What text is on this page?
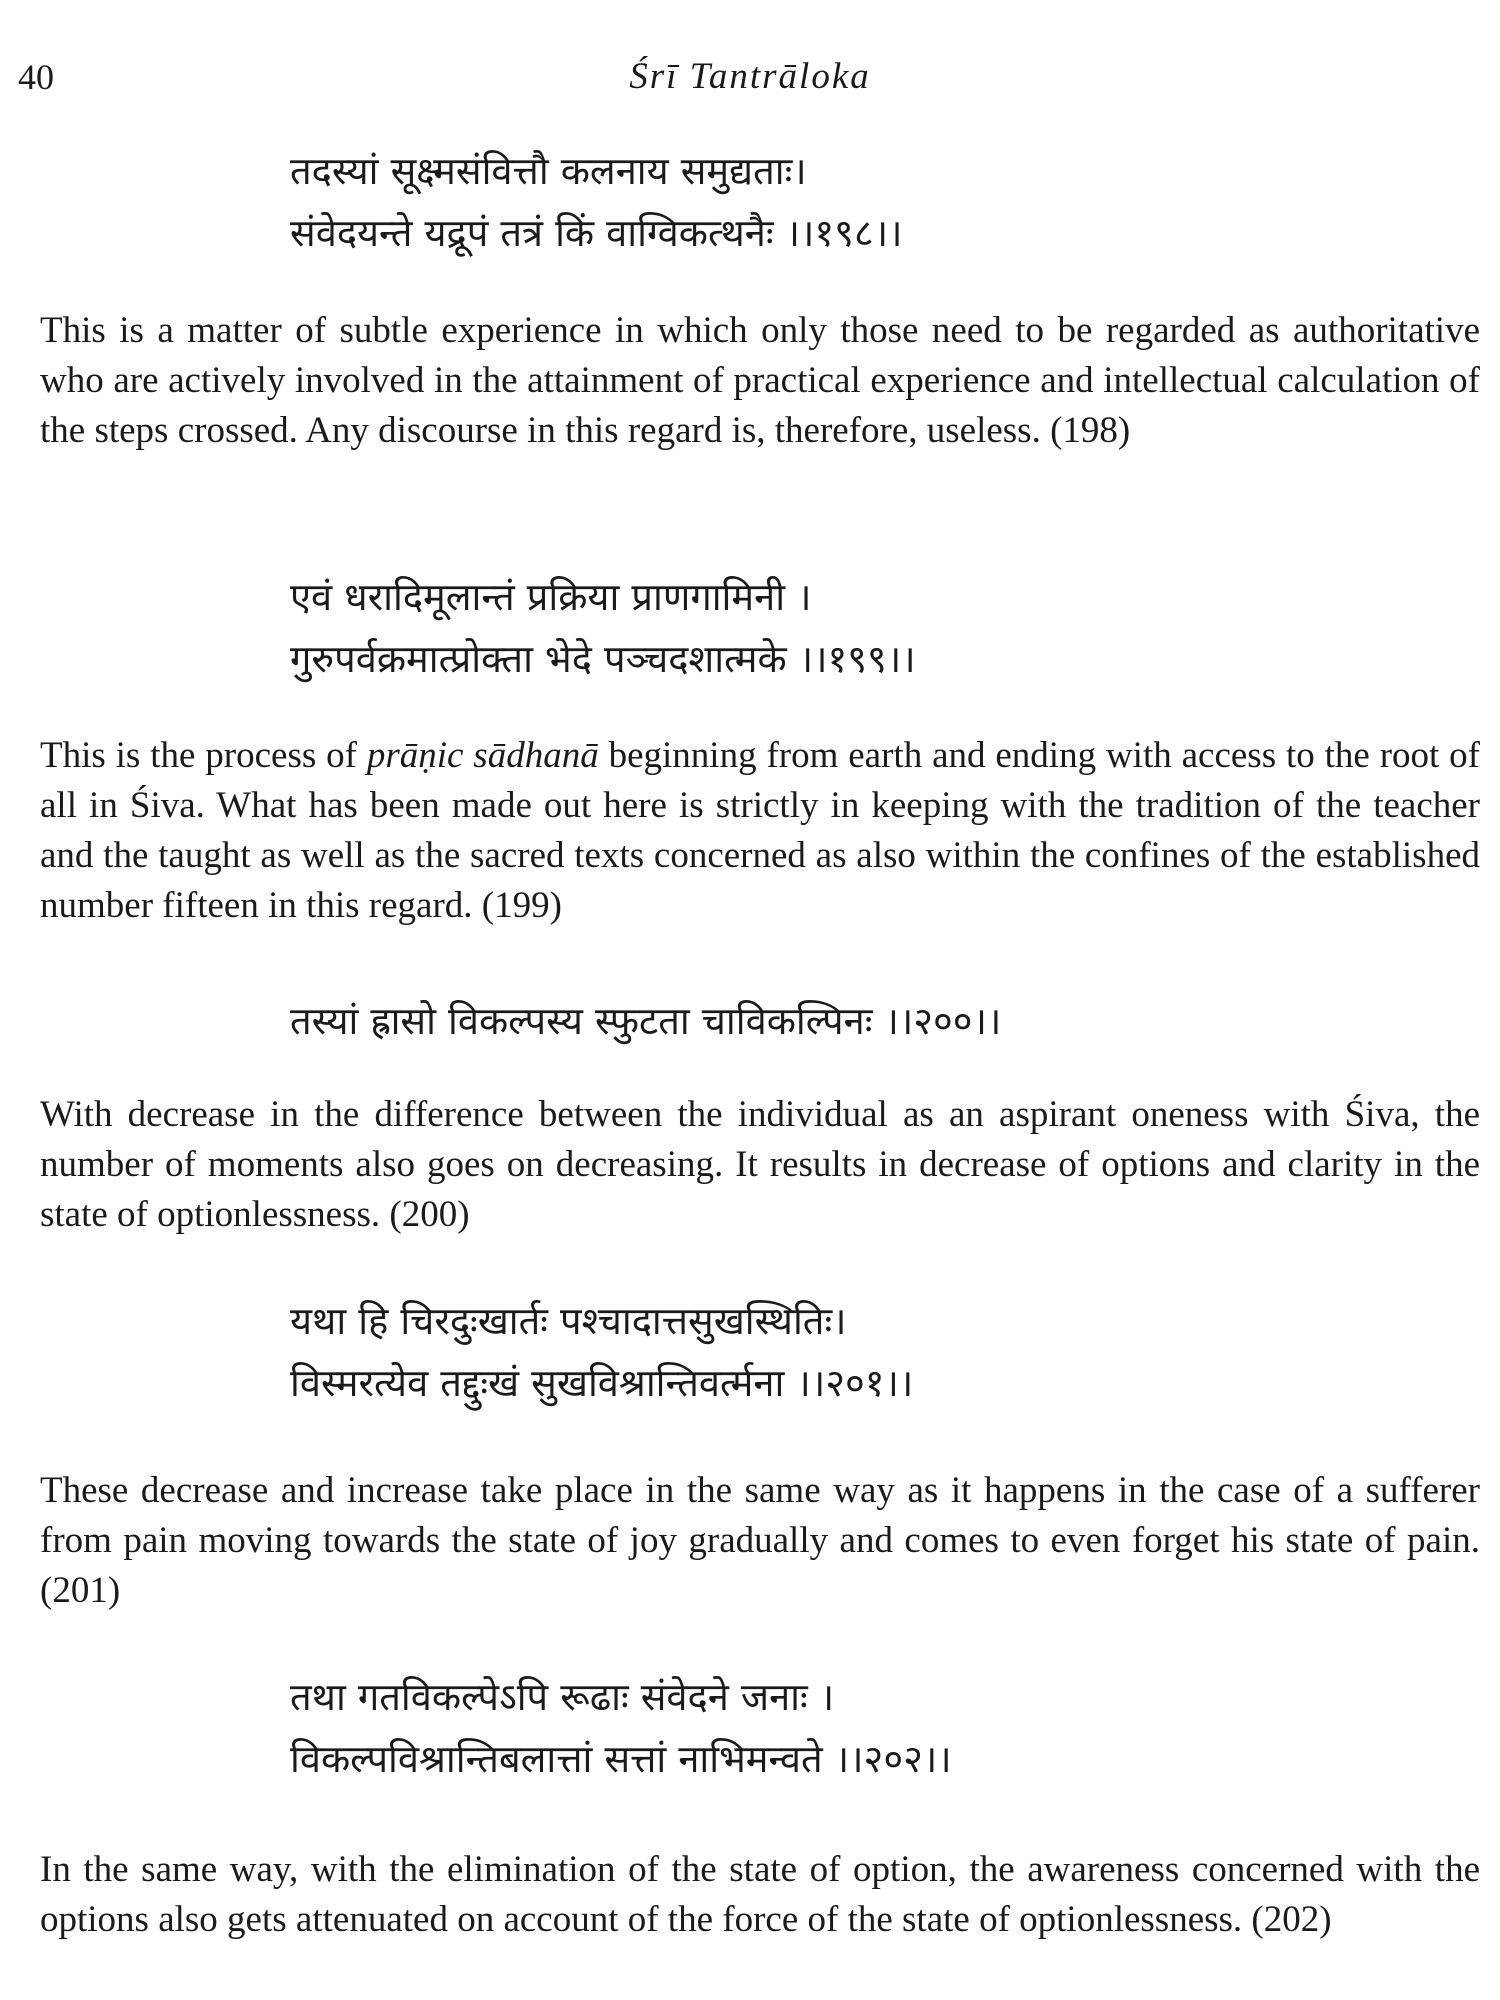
40	Śrī Tantrāloka
तदस्यां सूक्ष्मसंवित्तौ कलनाय समुद्यताः।
संवेदयन्ते यद्रूपं तत्रं किं वाग्विकत्थनैः ।।१९८।।

This is a matter of subtle experience in which only those need to be regarded as authoritative who are actively involved in the attainment of practical experience and intellectual calculation of the steps crossed. Any discourse in this regard is, therefore, useless. (198)

एवं धरादिमूलान्तं प्रक्रिया प्राणगामिनी ।
गुरुपर्वक्रमात्प्रोक्ता भेदे पञ्चदशात्मके ।।१९९।।

This is the process of prāṇic sādhanā beginning from earth and ending with access to the root of all in Śiva. What has been made out here is strictly in keeping with the tradition of the teacher and the taught as well as the sacred texts concerned as also within the confines of the established number fifteen in this regard. (199)

तस्यां ह्रासो विकल्पस्य स्फुटता चाविकल्पिनः ।।२००।।

With decrease in the difference between the individual as an aspirant oneness with Śiva, the number of moments also goes on decreasing. It results in decrease of options and clarity in the state of optionlessness. (200)

यथा हि चिरदुःखार्तः पश्चादात्तसुखस्थितिः।
विस्मरत्येव तद्दुःखं सुखविश्रान्तिवर्त्मना ।।२०१।।

These decrease and increase take place in the same way as it happens in the case of a sufferer from pain moving towards the state of joy gradually and comes to even forget his state of pain. (201)

तथा गतविकल्पेऽपि रूढाः संवेदने जनाः ।
विकल्पविश्रान्तिबलात्तां सत्तां नाभिमन्वते ।।२०२।।

In the same way, with the elimination of the state of option, the awareness concerned with the options also gets attenuated on account of the force of the state of optionlessness. (202)
